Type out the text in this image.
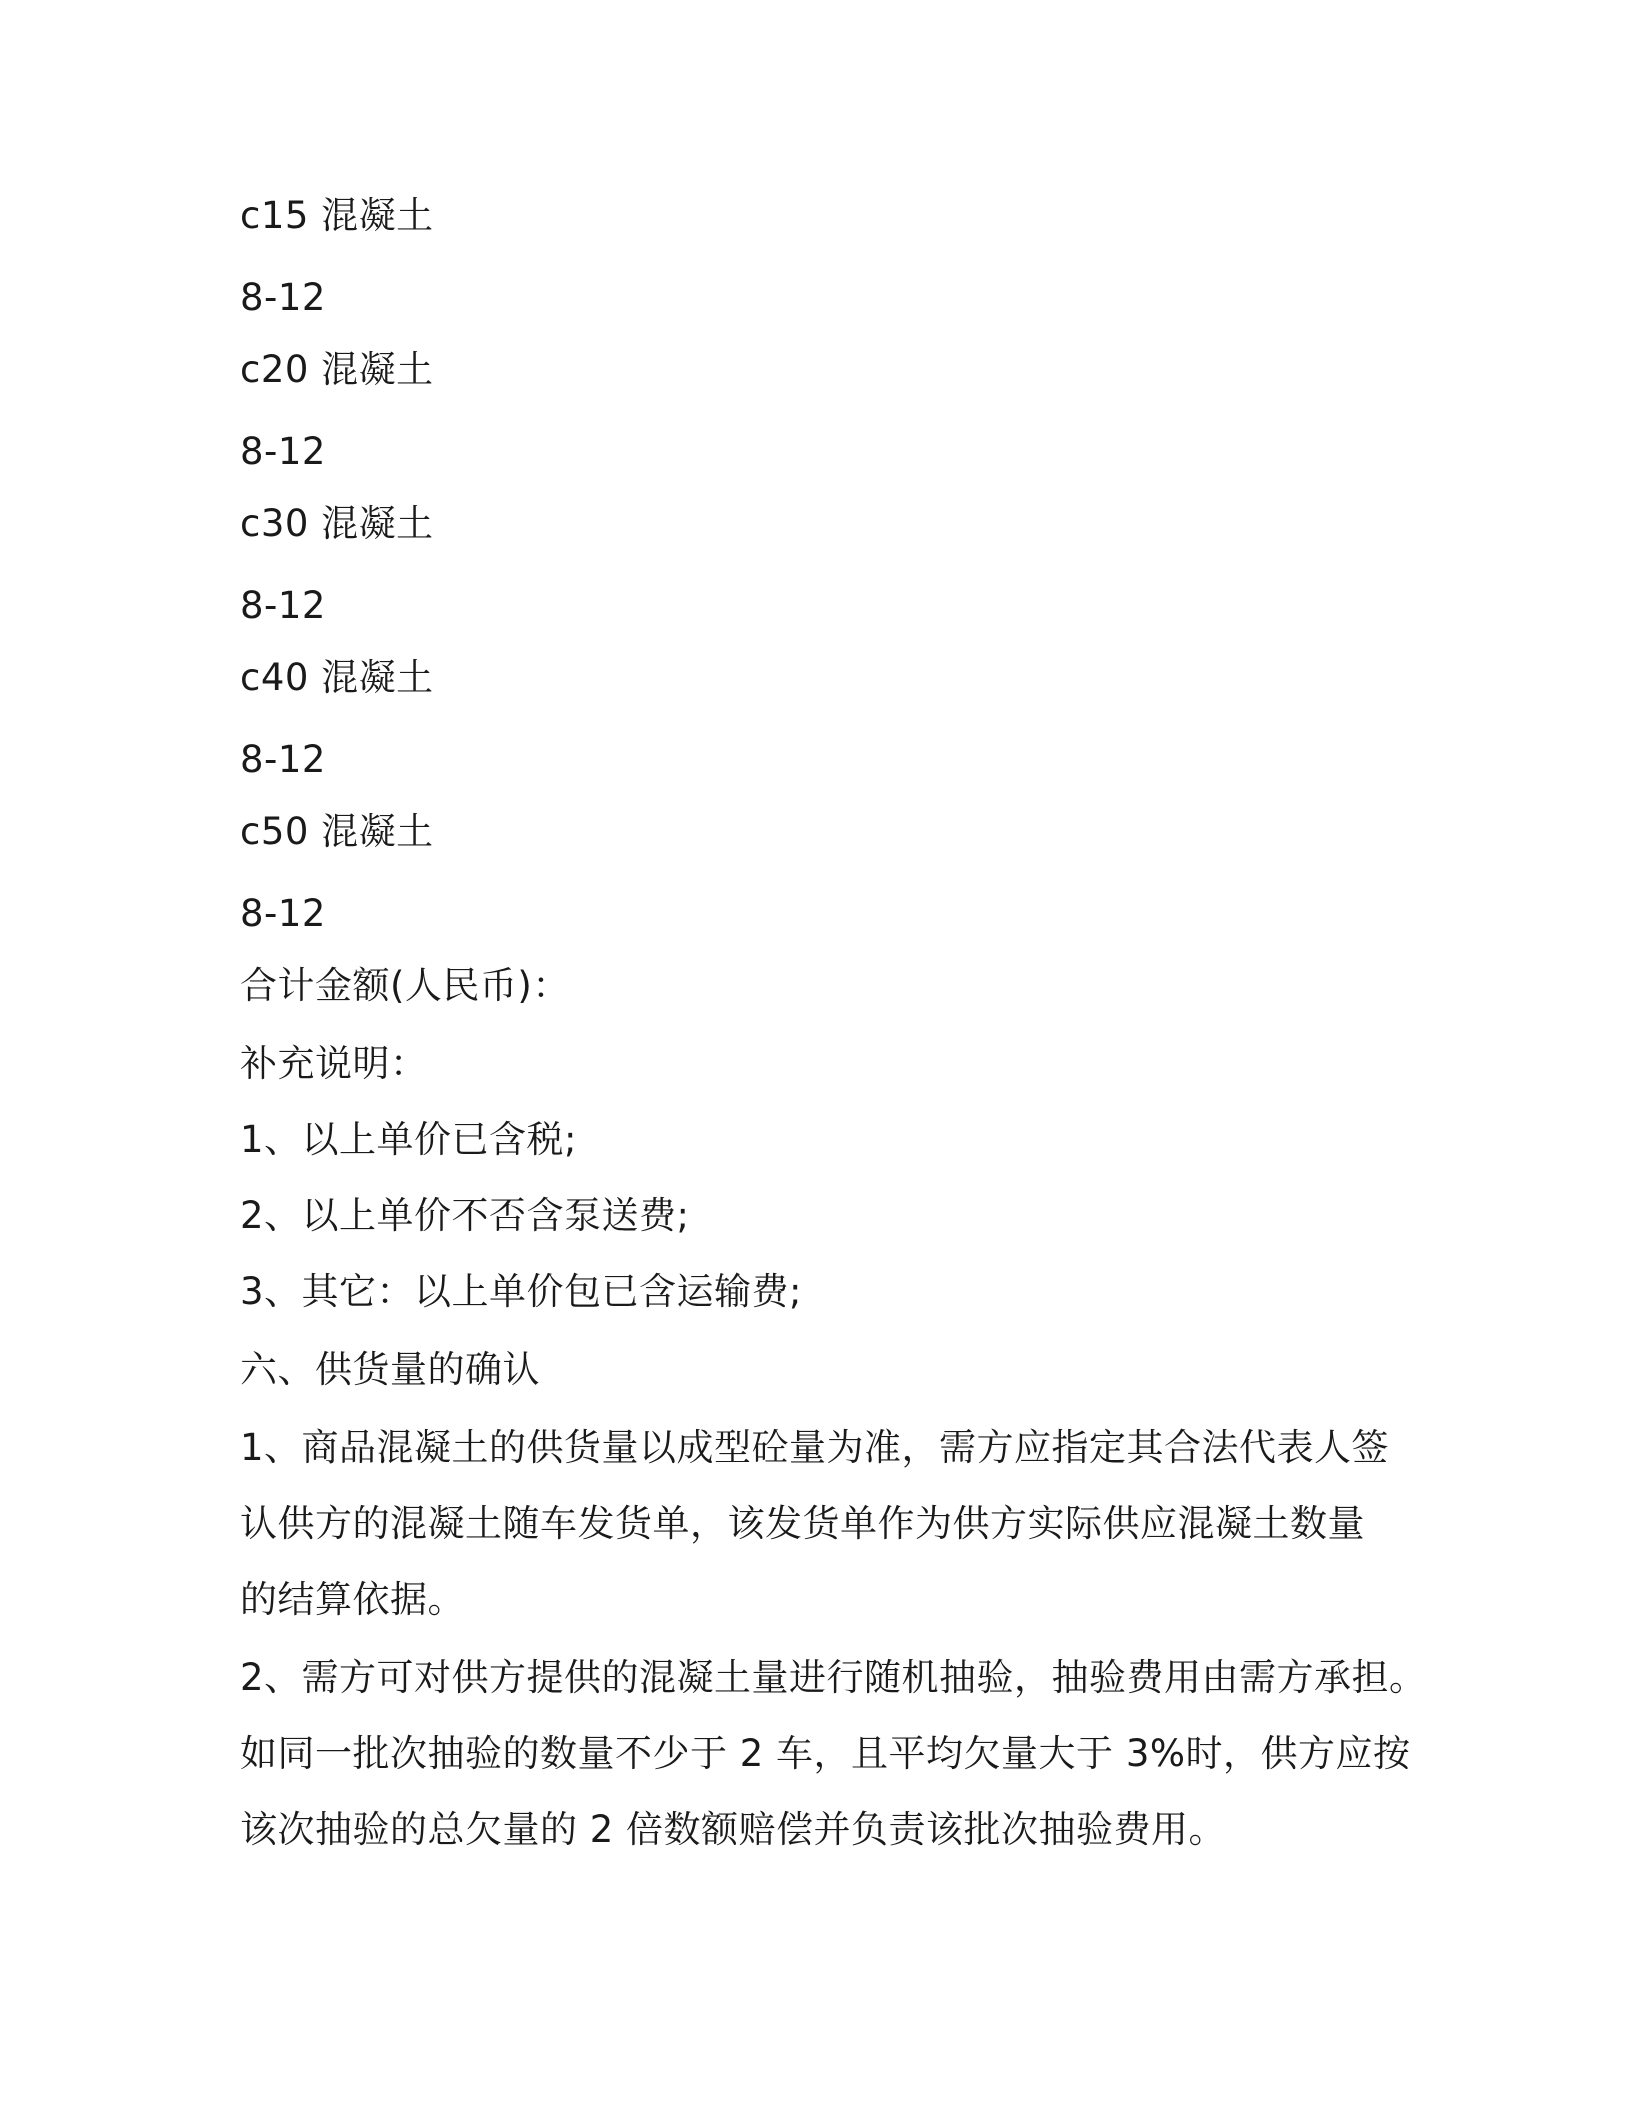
c15 混凝土
8-12
c20 混凝土
8-12
c30 混凝土
8-12
c40 混凝土
8-12
c50 混凝土
8-12
合计金额(人民币)：
补充说明：
1、以上单价已含税;
2、以上单价不否含泵送费;
3、其它：以上单价包已含运输费;
六、供货量的确认
1、商品混凝土的供货量以成型砼量为准，需方应指定其合法代表人签
认供方的混凝土随车发货单，该发货单作为供方实际供应混凝土数量
的结算依据。
2、需方可对供方提供的混凝土量进行随机抽验，抽验费用由需方承担。
如同一批次抽验的数量不少于 2 车，且平均欠量大于 3%时，供方应按
该次抽验的总欠量的 2 倍数额赔偿并负责该批次抽验费用。
